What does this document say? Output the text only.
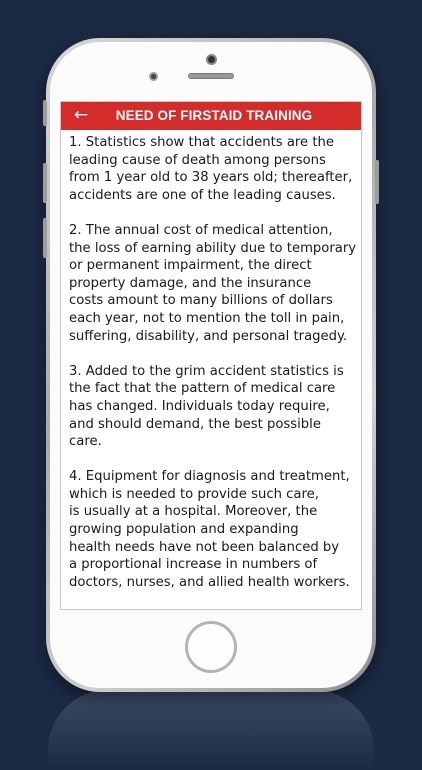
←	NEED OF FIRSTAID TRAINING

1. Statistics show that accidents are the
leading cause of death among persons
from 1 year old to 38 years old; thereafter,
accidents are one of the leading causes.

2. The annual cost of medical attention,
the loss of earning ability due to temporary
or permanent impairment, the direct
property damage, and the insurance
costs amount to many billions of dollars
each year, not to mention the toll in pain,
suffering, disability, and personal tragedy.

3. Added to the grim accident statistics is
the fact that the pattern of medical care
has changed. Individuals today require,
and should demand, the best possible
care.

4. Equipment for diagnosis and treatment,
which is needed to provide such care,
is usually at a hospital. Moreover, the
growing population and expanding
health needs have not been balanced by
a proportional increase in numbers of
doctors, nurses, and allied health workers.
